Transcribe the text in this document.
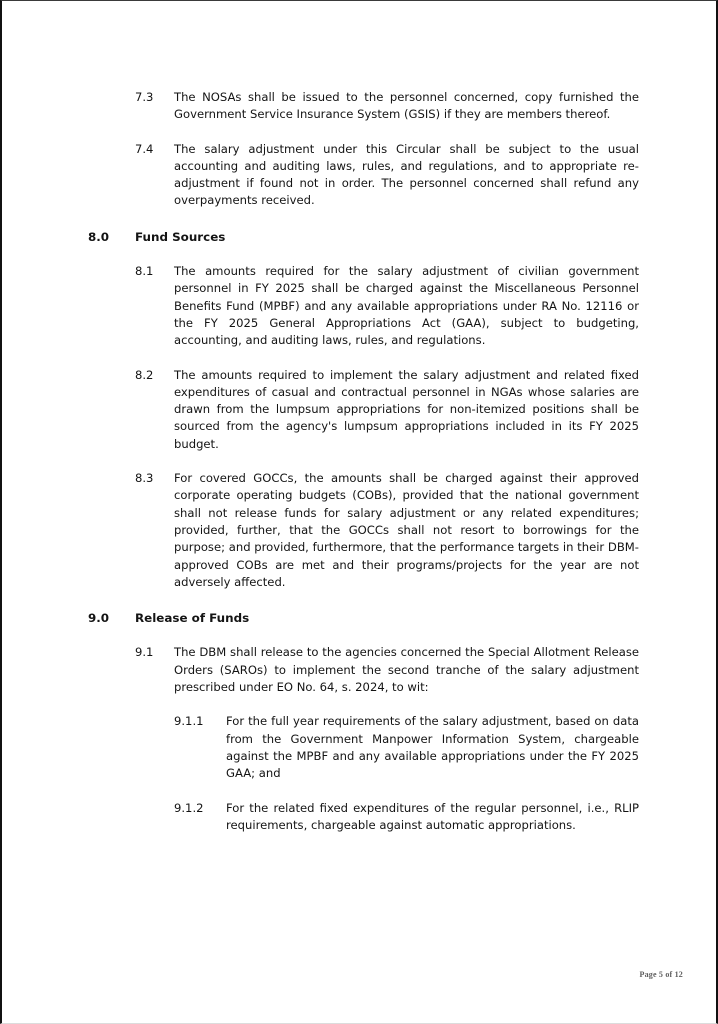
7.3	The NOSAs shall be issued to the personnel concerned, copy furnished the Government Service Insurance System (GSIS) if they are members thereof.
7.4	The salary adjustment under this Circular shall be subject to the usual accounting and auditing laws, rules, and regulations, and to appropriate re-adjustment if found not in order. The personnel concerned shall refund any overpayments received.
8.0	Fund Sources
8.1	The amounts required for the salary adjustment of civilian government personnel in FY 2025 shall be charged against the Miscellaneous Personnel Benefits Fund (MPBF) and any available appropriations under RA No. 12116 or the FY 2025 General Appropriations Act (GAA), subject to budgeting, accounting, and auditing laws, rules, and regulations.
8.2	The amounts required to implement the salary adjustment and related fixed expenditures of casual and contractual personnel in NGAs whose salaries are drawn from the lumpsum appropriations for non-itemized positions shall be sourced from the agency's lumpsum appropriations included in its FY 2025 budget.
8.3	For covered GOCCs, the amounts shall be charged against their approved corporate operating budgets (COBs), provided that the national government shall not release funds for salary adjustment or any related expenditures; provided, further, that the GOCCs shall not resort to borrowings for the purpose; and provided, furthermore, that the performance targets in their DBM-approved COBs are met and their programs/projects for the year are not adversely affected.
9.0	Release of Funds
9.1	The DBM shall release to the agencies concerned the Special Allotment Release Orders (SAROs) to implement the second tranche of the salary adjustment prescribed under EO No. 64, s. 2024, to wit:
9.1.1	For the full year requirements of the salary adjustment, based on data from the Government Manpower Information System, chargeable against the MPBF and any available appropriations under the FY 2025 GAA; and
9.1.2	For the related fixed expenditures of the regular personnel, i.e., RLIP requirements, chargeable against automatic appropriations.
Page 5 of 12
